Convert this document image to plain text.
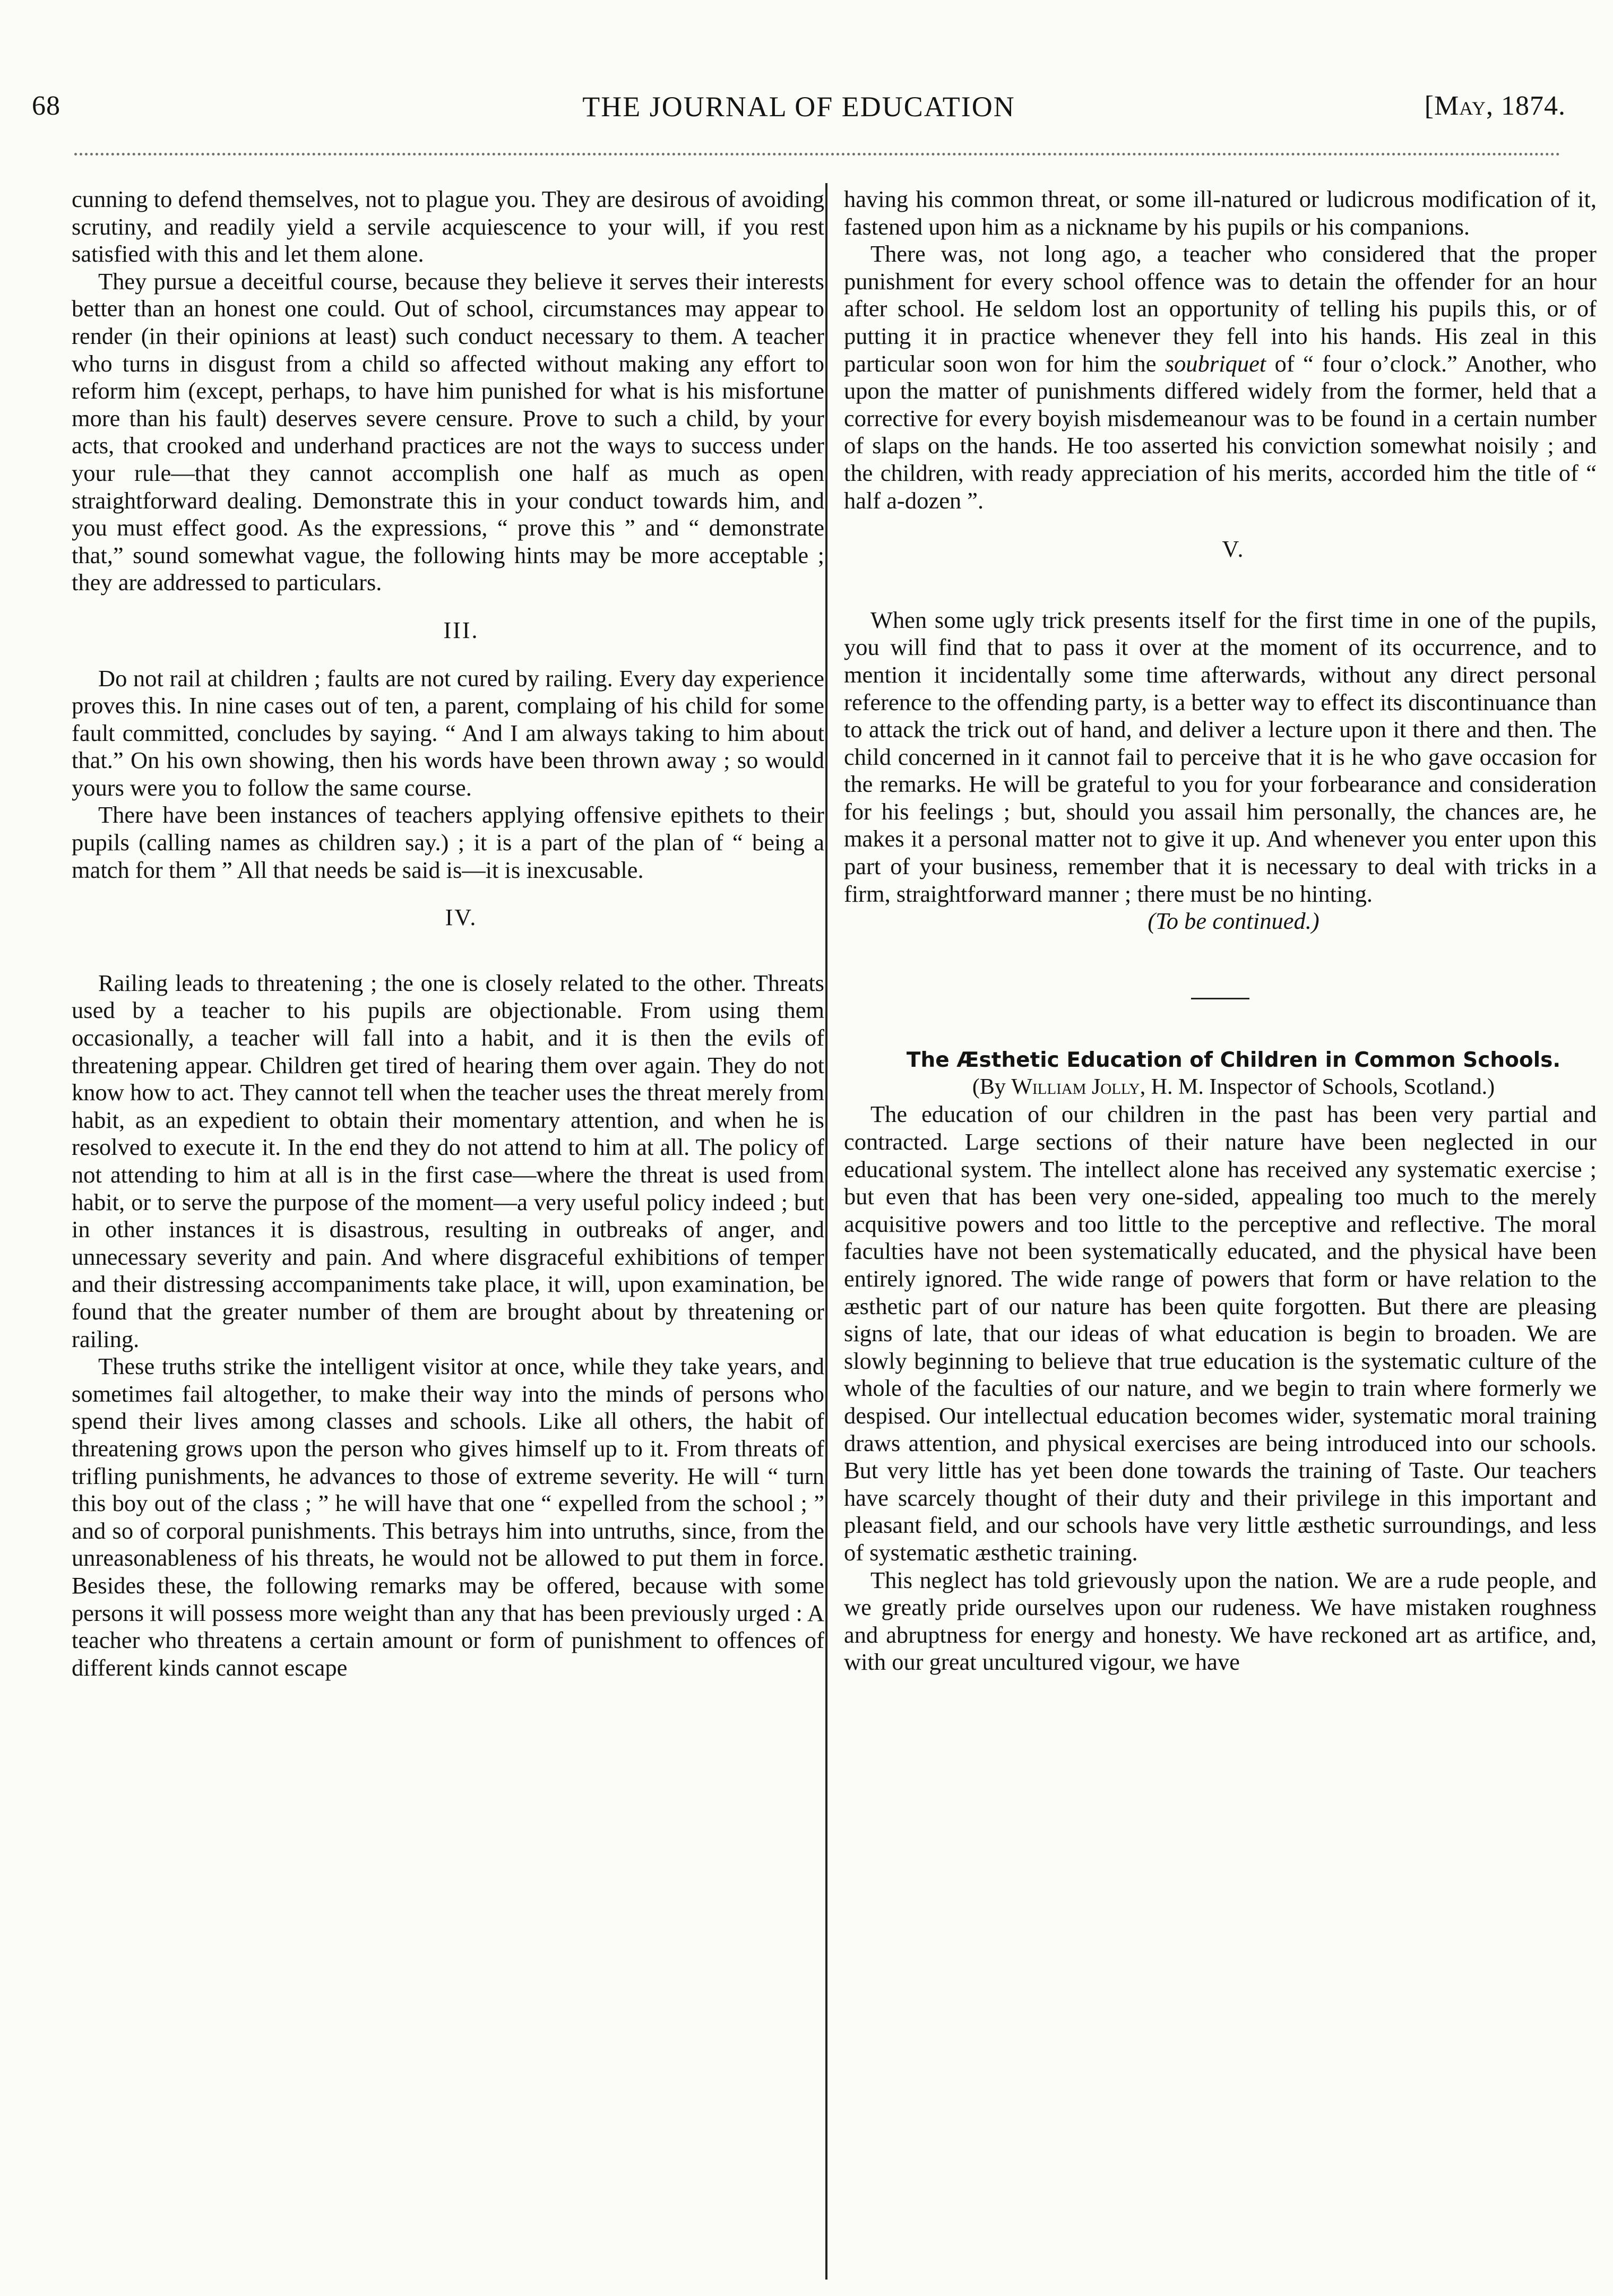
68	THE JOURNAL OF EDUCATION	[May, 1874.

cunning to defend themselves, not to plague you. They are desirous of avoiding scrutiny, and readily yield a servile acquiescence to your will, if you rest satisfied with this and let them alone.

They pursue a deceitful course, because they believe it serves their interests better than an honest one could. Out of school, circumstances may appear to render (in their opinions at least) such conduct necessary to them. A teacher who turns in disgust from a child so affected without making any effort to reform him (except, perhaps, to have him punished for what is his misfortune more than his fault) deserves severe censure. Prove to such a child, by your acts, that crooked and underhand practices are not the ways to success under your rule—that they cannot accomplish one half as much as open straightforward dealing. Demonstrate this in your conduct towards him, and you must effect good. As the expressions, “ prove this ” and “ demonstrate that,” sound somewhat vague, the following hints may be more acceptable ; they are addressed to particulars.

III.

Do not rail at children ; faults are not cured by railing. Every day experience proves this. In nine cases out of ten, a parent, complaing of his child for some fault committed, concludes by saying. “ And I am always taking to him about that.” On his own showing, then his words have been thrown away ; so would yours were you to follow the same course.

There have been instances of teachers applying offensive epithets to their pupils (calling names as children say.) ; it is a part of the plan of “ being a match for them ” All that needs be said is—it is inexcusable.

IV.

Railing leads to threatening ; the one is closely related to the other. Threats used by a teacher to his pupils are objectionable. From using them occasionally, a teacher will fall into a habit, and it is then the evils of threatening appear. Children get tired of hearing them over again. They do not know how to act. They cannot tell when the teacher uses the threat merely from habit, as an expedient to obtain their momentary attention, and when he is resolved to execute it. In the end they do not attend to him at all. The policy of not attending to him at all is in the first case—where the threat is used from habit, or to serve the purpose of the moment—a very useful policy indeed ; but in other instances it is disastrous, resulting in outbreaks of anger, and unnecessary severity and pain. And where disgraceful exhibitions of temper and their distressing accompaniments take place, it will, upon examination, be found that the greater number of them are brought about by threatening or railing.

These truths strike the intelligent visitor at once, while they take years, and sometimes fail altogether, to make their way into the minds of persons who spend their lives among classes and schools. Like all others, the habit of threatening grows upon the person who gives himself up to it. From threats of trifling punishments, he advances to those of extreme severity. He will “ turn this boy out of the class ; ” he will have that one “ expelled from the school ; ” and so of corporal punishments. This betrays him into untruths, since, from the unreasonableness of his threats, he would not be allowed to put them in force. Besides these, the following remarks may be offered, because with some persons it will possess more weight than any that has been previously urged : A teacher who threatens a certain amount or form of punishment to offences of different kinds cannot escape

having his common threat, or some ill-natured or ludicrous modification of it, fastened upon him as a nickname by his pupils or his companions.

There was, not long ago, a teacher who considered that the proper punishment for every school offence was to detain the offender for an hour after school. He seldom lost an opportunity of telling his pupils this, or of putting it in practice whenever they fell into his hands. His zeal in this particular soon won for him the soubriquet of “ four o’clock.” Another, who upon the matter of punishments differed widely from the former, held that a corrective for every boyish misdemeanour was to be found in a certain number of slaps on the hands. He too asserted his conviction somewhat noisily ; and the children, with ready appreciation of his merits, accorded him the title of “ half a-dozen ”.

V.

When some ugly trick presents itself for the first time in one of the pupils, you will find that to pass it over at the moment of its occurrence, and to mention it incidentally some time afterwards, without any direct personal reference to the offending party, is a better way to effect its discontinuance than to attack the trick out of hand, and deliver a lecture upon it there and then. The child concerned in it cannot fail to perceive that it is he who gave occasion for the remarks. He will be grateful to you for your forbearance and consideration for his feelings ; but, should you assail him personally, the chances are, he makes it a personal matter not to give it up. And whenever you enter upon this part of your business, remember that it is necessary to deal with tricks in a firm, straightforward manner ; there must be no hinting.

(To be continued.)

The Æsthetic Education of Children in Common Schools.

(By William Jolly, H. M. Inspector of Schools, Scotland.)

The education of our children in the past has been very partial and contracted. Large sections of their nature have been neglected in our educational system. The intellect alone has received any systematic exercise ; but even that has been very one-sided, appealing too much to the merely acquisitive powers and too little to the perceptive and reflective. The moral faculties have not been systematically educated, and the physical have been entirely ignored. The wide range of powers that form or have relation to the æsthetic part of our nature has been quite forgotten. But there are pleasing signs of late, that our ideas of what education is begin to broaden. We are slowly beginning to believe that true education is the systematic culture of the whole of the faculties of our nature, and we begin to train where formerly we despised. Our intellectual education becomes wider, systematic moral training draws attention, and physical exercises are being introduced into our schools. But very little has yet been done towards the training of Taste. Our teachers have scarcely thought of their duty and their privilege in this important and pleasant field, and our schools have very little æsthetic surroundings, and less of systematic æsthetic training.

This neglect has told grievously upon the nation. We are a rude people, and we greatly pride ourselves upon our rudeness. We have mistaken roughness and abruptness for energy and honesty. We have reckoned art as artifice, and, with our great uncultured vigour, we have
